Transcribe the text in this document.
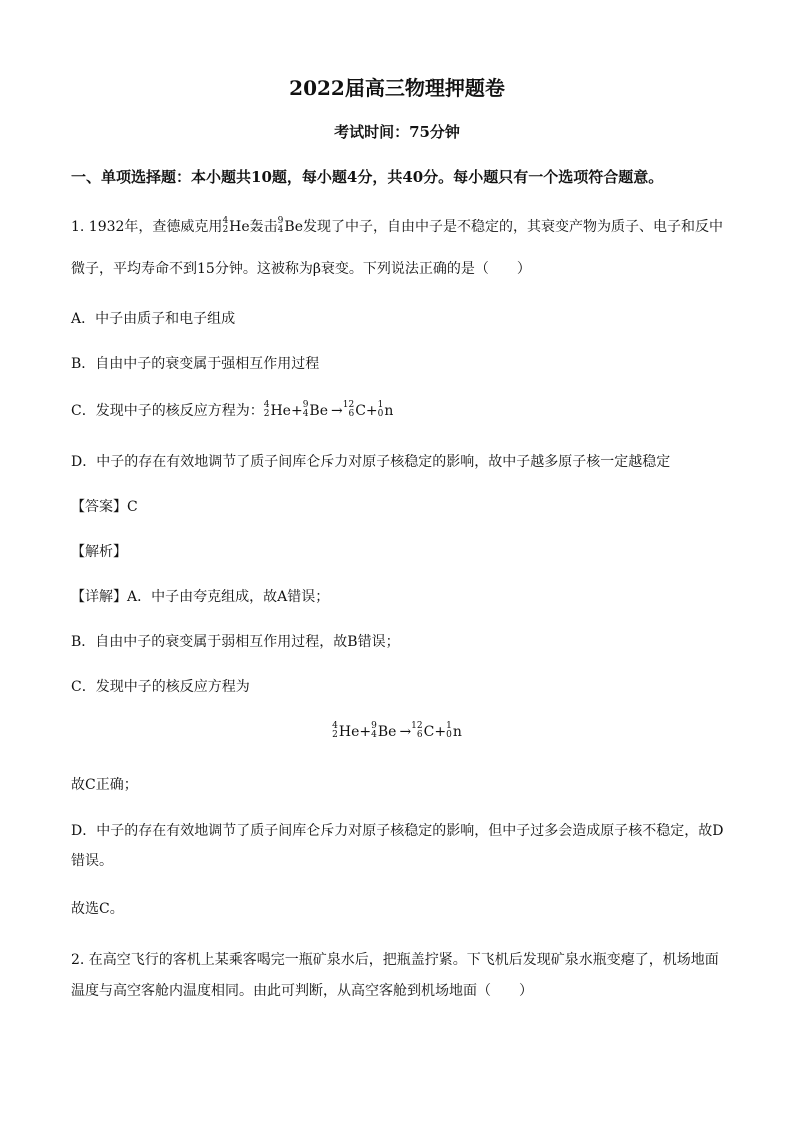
2022届高三物理押题卷
考试时间：75分钟
一、单项选择题：本小题共10题，每小题4分，共40分。每小题只有一个选项符合题意。
1. 1932年，查德威克用 4
2 He轰击 9
4 Be发现了中子，自由中子是不稳定的，其衰变产物为质子、电子和反中
微子，平均寿命不到15分钟。这被称为β衰变。下列说法正确的是（　　）
A．中子由质子和电子组成
B．自由中子的衰变属于强相互作用过程
C．发现中子的核反应方程为： 4
2 He+ 9
4 Be → 12
6 C+ 1
0 n
D．中子的存在有效地调节了质子间库仑斥力对原子核稳定的影响，故中子越多原子核一定越稳定
【答案】C
【解析】
【详解】A．中子由夸克组成，故A错误；
B．自由中子的衰变属于弱相互作用过程，故B错误；
C．发现中子的核反应方程为
4
2 He+ 9
4 Be → 12
6 C+ 1
0 n
故C正确；
D．中子的存在有效地调节了质子间库仑斥力对原子核稳定的影响，但中子过多会造成原子核不稳定，故D
错误。
故选C。
2. 在高空飞行的客机上某乘客喝完一瓶矿泉水后，把瓶盖拧紧。下飞机后发现矿泉水瓶变瘪了，机场地面
温度与高空客舱内温度相同。由此可判断，从高空客舱到机场地面（　　）
